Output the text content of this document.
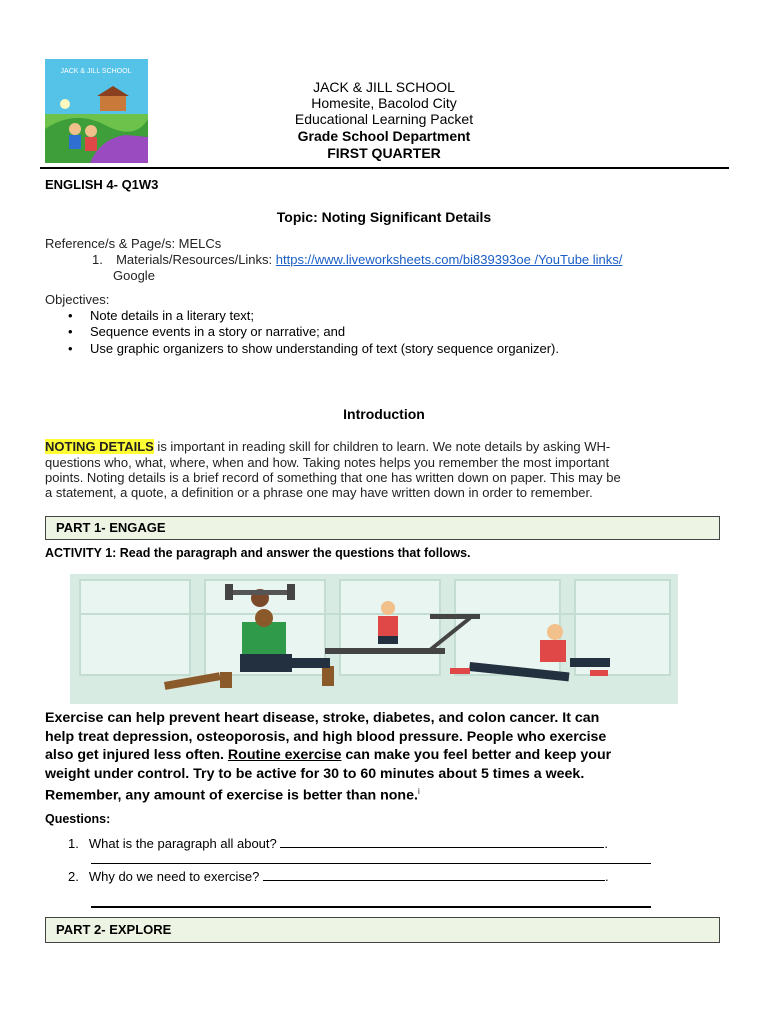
JACK & JILL SCHOOL
JACK & JILL SCHOOL
Homesite, Bacolod City
Educational Learning Packet
Grade School Department
FIRST QUARTER
ENGLISH 4- Q1W3
Topic: Noting Significant Details
Reference/s & Page/s: MELCs
1. Materials/Resources/Links: https://www.liveworksheets.com/bi839393oe /YouTube links/
Google
Objectives:
• Note details in a literary text;
• Sequence events in a story or narrative; and
• Use graphic organizers to show understanding of text (story sequence organizer).
Introduction
NOTING DETAILS is important in reading skill for children to learn. We note details by asking WH-
questions who, what, where, when and how. Taking notes helps you remember the most important
points. Noting details is a brief record of something that one has written down on paper. This may be
a statement, a quote, a definition or a phrase one may have written down in order to remember.
PART 1- ENGAGE
ACTIVITY 1: Read the paragraph and answer the questions that follows.
Exercise can help prevent heart disease, stroke, diabetes, and colon cancer. It can
help treat depression, osteoporosis, and high blood pressure. People who exercise
also get injured less often. Routine exercise can make you feel better and keep your
weight under control. Try to be active for 30 to 60 minutes about 5 times a week.
Remember, any amount of exercise is better than none.$^i$
Questions:
1. What is the paragraph all about?	.
2. Why do we need to exercise?	.
PART 2- EXPLORE
